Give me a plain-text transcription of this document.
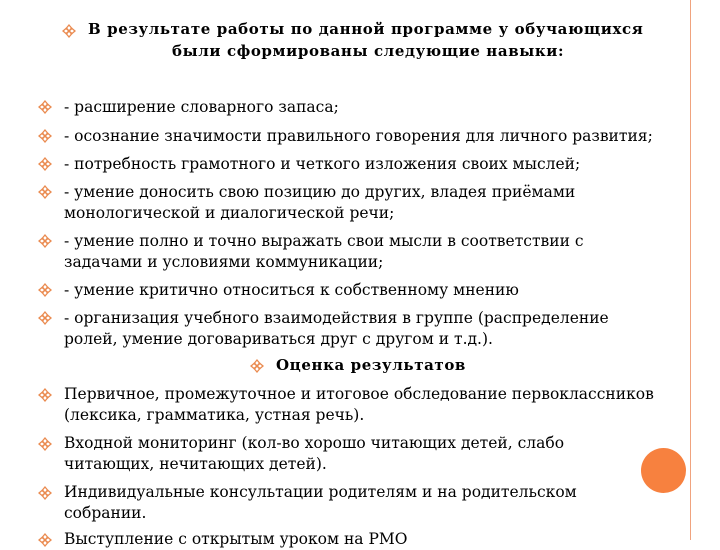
В результате работы по данной программе у обучающихся
были сформированы следующие навыки:
- расширение словарного запаса;
- осознание значимости правильного говорения для личного развития;
- потребность грамотного и четкого изложения своих мыслей;
- умение доносить свою позицию до других, владея приёмами
монологической и диалогической речи;
- умение полно и точно выражать свои мысли в соответствии с
задачами и условиями коммуникации;
- умение критично относиться к собственному мнению
- организация учебного взаимодействия в группе (распределение
ролей, умение договариваться друг с другом и т.д.).
Оценка результатов
Первичное, промежуточное и итоговое обследование первоклассников
(лексика, грамматика, устная речь).
Входной мониторинг (кол-во хорошо читающих детей, слабо
читающих, нечитающих детей).
Индивидуальные консультации родителям и на родительском
собрании.
Выступление с открытым уроком на РМО
